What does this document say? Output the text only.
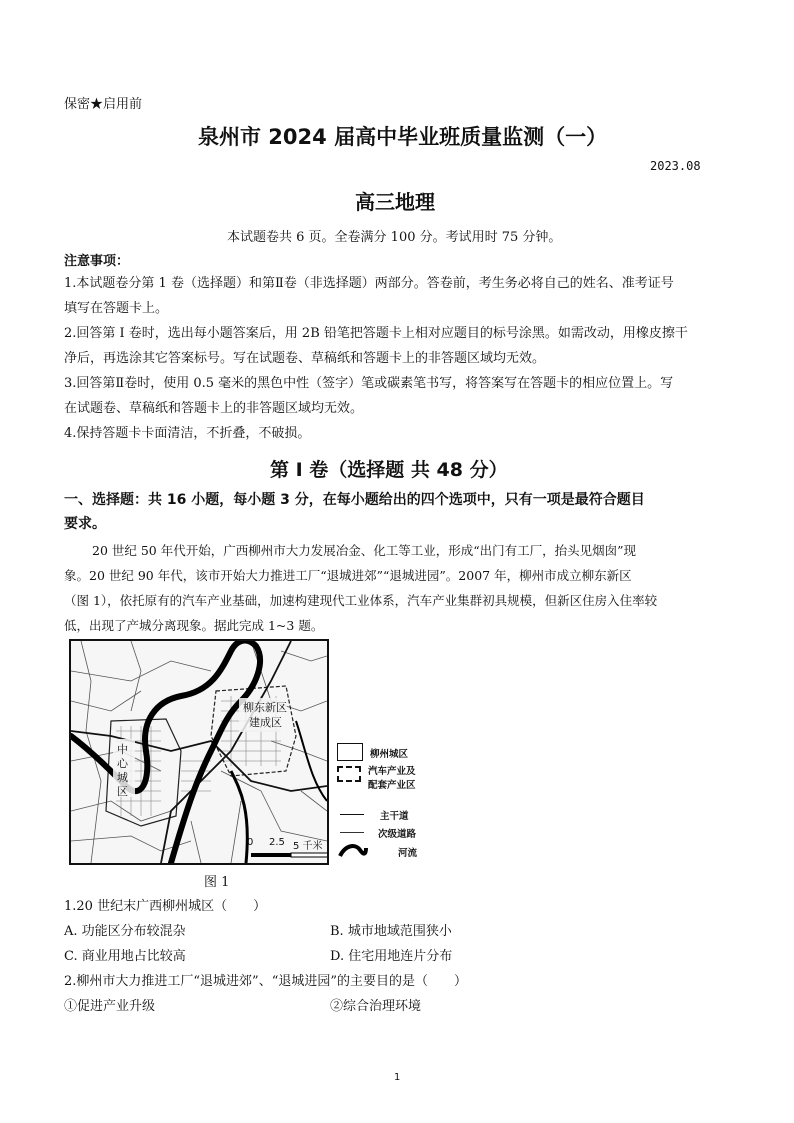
保密★启用前
泉州市 2024 届高中毕业班质量监测（一）
2023.08
高三地理
本试题卷共 6 页。全卷满分 100 分。考试用时 75 分钟。
注意事项：
1.本试题卷分第 1 卷（选择题）和第Ⅱ卷（非选择题）两部分。答卷前，考生务必将自己的姓名、准考证号
填写在答题卡上。
2.回答第 I 卷时，选出每小题答案后，用 2B 铅笔把答题卡上相对应题目的标号涂黑。如需改动，用橡皮擦干
净后，再选涂其它答案标号。写在试题卷、草稿纸和答题卡上的非答题区域均无效。
3.回答第Ⅱ卷时，使用 0.5 毫米的黑色中性（签字）笔或碳素笔书写，将答案写在答题卡的相应位置上。写
在试题卷、草稿纸和答题卡上的非答题区域均无效。
4.保持答题卡卡面清洁，不折叠，不破损。
第 I 卷（选择题 共 48 分）
一、选择题：共 16 小题，每小题 3 分，在每小题给出的四个选项中，只有一项是最符合题目
要求。
20 世纪 50 年代开始，广西柳州市大力发展冶金、化工等工业，形成“出门有工厂，抬头见烟囱”现
象。20 世纪 90 年代，该市开始大力推进工厂“退城进郊”“退城进园”。2007 年，柳州市成立柳东新区
（图 1），依托原有的汽车产业基础，加速构建现代工业体系，汽车产业集群初具规模，但新区住房入住率较
低，出现了产城分离现象。据此完成 1~3 题。
柳东新区
建成区
中
心
城
区
0 2.5 5 千米
柳州城区
汽车产业及
配套产业区
主干道
次级道路
河流
图 1
1.20 世纪末广西柳州城区（　　）
A. 功能区分布较混杂	B. 城市地域范围狭小
C. 商业用地占比较高	D. 住宅用地连片分布
2.柳州市大力推进工厂“退城进郊”、“退城进园”的主要目的是（　　）
①促进产业升级	②综合治理环境
1
